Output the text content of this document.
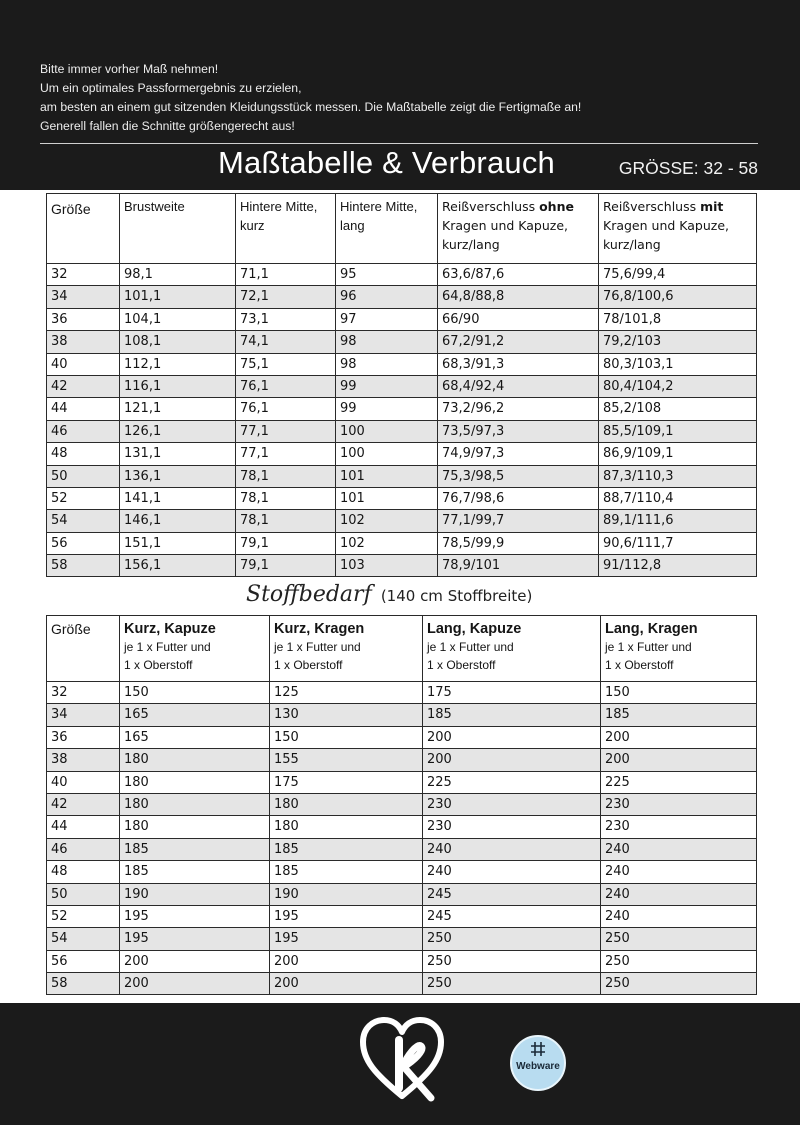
Bitte immer vorher Maß nehmen!
Um ein optimales Passformergebnis zu erzielen,
am besten an einem gut sitzenden Kleidungsstück messen. Die Maßtabelle zeigt die Fertigmaße an!
Generell fallen die Schnitte größengerecht aus!
Maßtabelle & Verbrauch	GRÖSSE: 32 - 58
Größe	Brustweite	Hintere Mitte, kurz	Hintere Mitte, lang	Reißverschluss ohne Kragen und Kapuze, kurz/lang	Reißverschluss mit Kragen und Kapuze, kurz/lang
32	98,1	71,1	95	63,6/87,6	75,6/99,4
34	101,1	72,1	96	64,8/88,8	76,8/100,6
36	104,1	73,1	97	66/90	78/101,8
38	108,1	74,1	98	67,2/91,2	79,2/103
40	112,1	75,1	98	68,3/91,3	80,3/103,1
42	116,1	76,1	99	68,4/92,4	80,4/104,2
44	121,1	76,1	99	73,2/96,2	85,2/108
46	126,1	77,1	100	73,5/97,3	85,5/109,1
48	131,1	77,1	100	74,9/97,3	86,9/109,1
50	136,1	78,1	101	75,3/98,5	87,3/110,3
52	141,1	78,1	101	76,7/98,6	88,7/110,4
54	146,1	78,1	102	77,1/99,7	89,1/111,6
56	151,1	79,1	102	78,5/99,9	90,6/111,7
58	156,1	79,1	103	78,9/101	91/112,8
Stoffbedarf (140 cm Stoffbreite)
Größe	Kurz, Kapuze
je 1 x Futter und
1 x Oberstoff	Kurz, Kragen
je 1 x Futter und
1 x Oberstoff	Lang, Kapuze
je 1 x Futter und
1 x Oberstoff	Lang, Kragen
je 1 x Futter und
1 x Oberstoff

32	150	125	175	150
34	165	130	185	185
36	165	150	200	200
38	180	155	200	200
40	180	175	225	225
42	180	180	230	230
44	180	180	230	230
46	185	185	240	240
48	185	185	240	240
50	190	190	245	240
52	195	195	245	240
54	195	195	250	250
56	200	200	250	250
58	200	200	250	250
Webware
